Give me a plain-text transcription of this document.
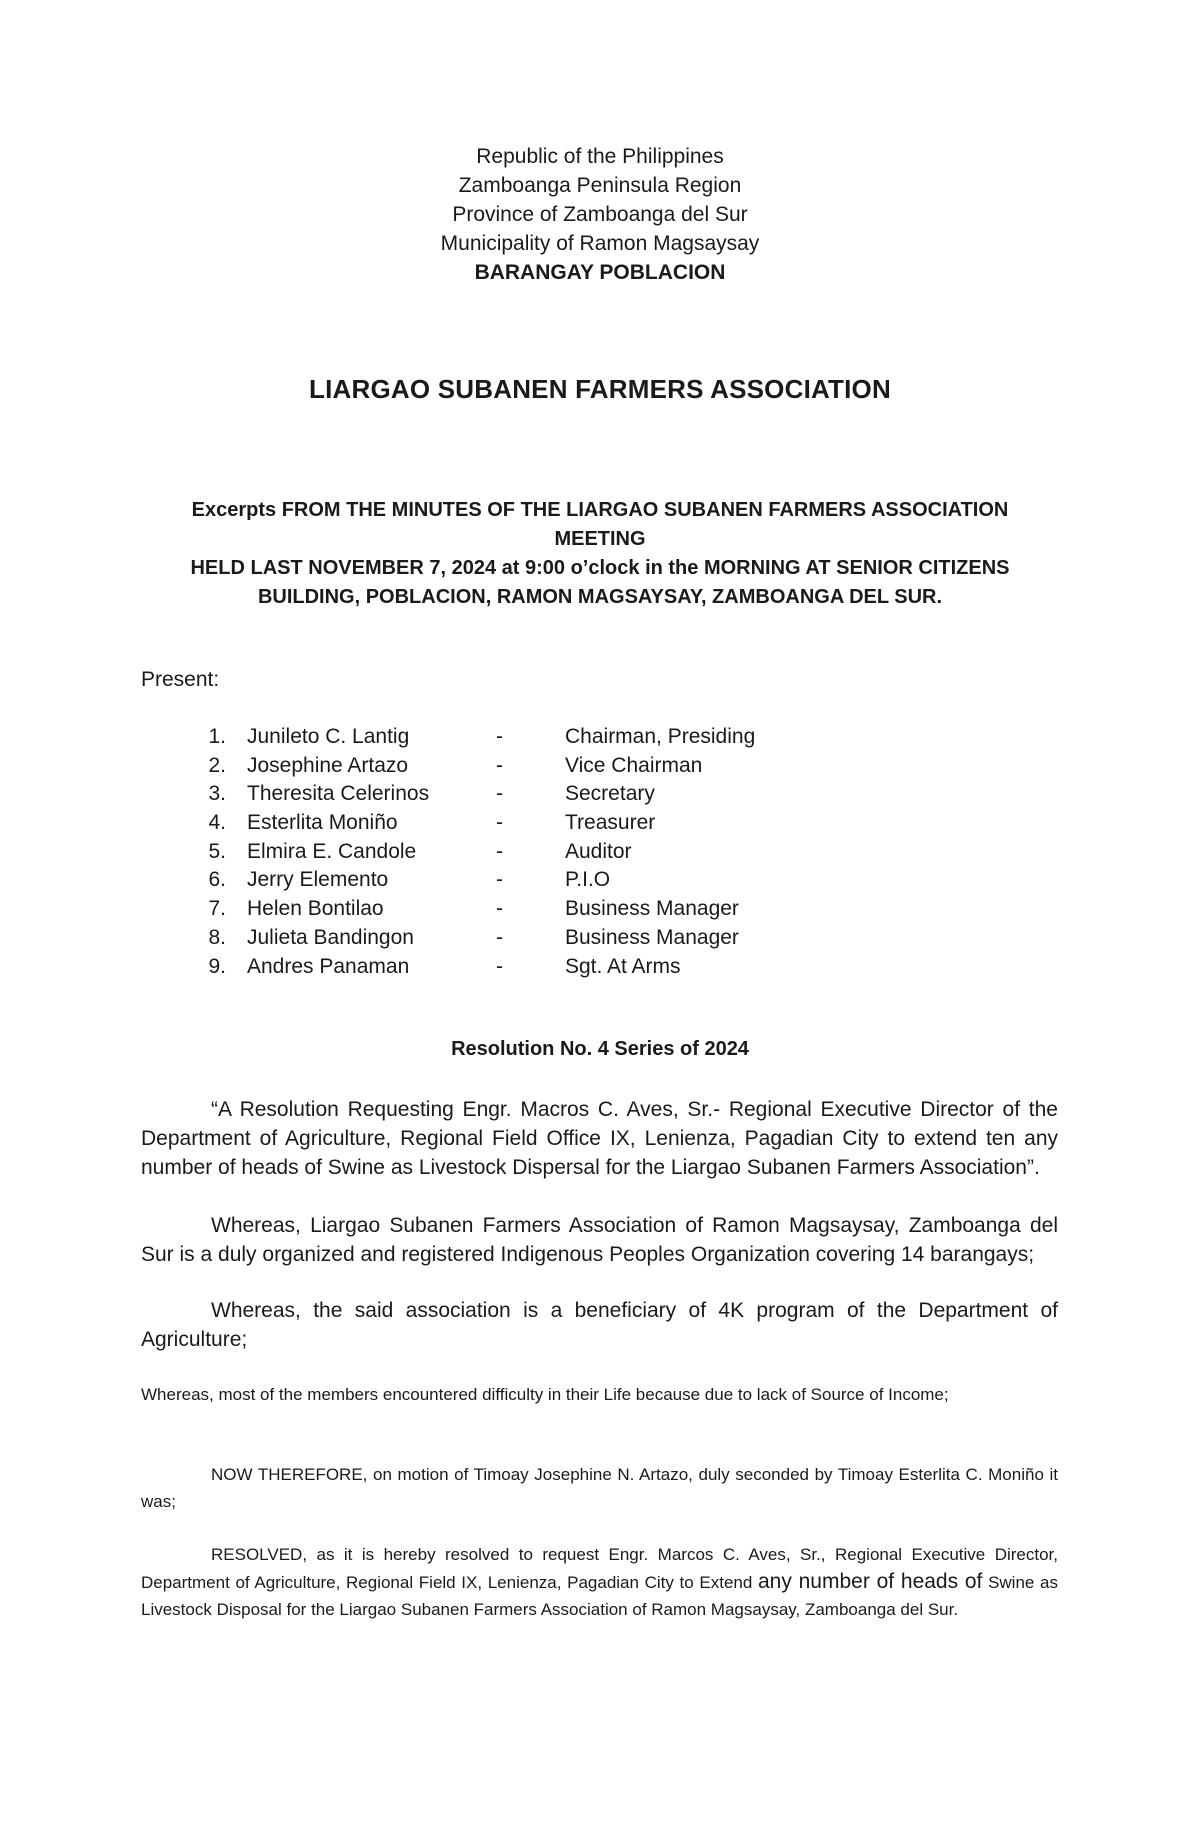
Republic of the Philippines
Zamboanga Peninsula Region
Province of Zamboanga del Sur
Municipality of Ramon Magsaysay
BARANGAY POBLACION
LIARGAO SUBANEN FARMERS ASSOCIATION
Excerpts FROM THE MINUTES OF THE LIARGAO SUBANEN FARMERS ASSOCIATION MEETING
HELD LAST NOVEMBER 7, 2024 at 9:00 o’clock in the MORNING AT SENIOR CITIZENS
BUILDING, POBLACION, RAMON MAGSAYSAY, ZAMBOANGA DEL SUR.
Present:
1. Junileto C. Lantig	-	Chairman, Presiding
2. Josephine Artazo	-	Vice Chairman
3. Theresita Celerinos	-	Secretary
4. Esterlita Moniño	-	Treasurer
5. Elmira E. Candole	-	Auditor
6. Jerry Elemento	-	P.I.O
7. Helen Bontilao	-	Business Manager
8. Julieta Bandingon	-	Business Manager
9. Andres Panaman	-	Sgt. At Arms
Resolution No. 4 Series of 2024
“A Resolution Requesting Engr. Macros C. Aves, Sr.- Regional Executive Director of the Department of Agriculture, Regional Field Office IX, Lenienza, Pagadian City to extend ten any number of heads of Swine as Livestock Dispersal for the Liargao Subanen Farmers Association”.
Whereas, Liargao Subanen Farmers Association of Ramon Magsaysay, Zamboanga del Sur is a duly organized and registered Indigenous Peoples Organization covering 14 barangays;
Whereas, the said association is a beneficiary of 4K program of the Department of Agriculture;
Whereas, most of the members encountered difficulty in their Life because due to lack of Source of Income;
NOW THEREFORE, on motion of Timoay Josephine N. Artazo, duly seconded by Timoay Esterlita C. Moniño it was;
RESOLVED, as it is hereby resolved to request Engr. Marcos C. Aves, Sr., Regional Executive Director, Department of Agriculture, Regional Field IX, Lenienza, Pagadian City to Extend any number of heads of Swine as Livestock Disposal for the Liargao Subanen Farmers Association of Ramon Magsaysay, Zamboanga del Sur.
